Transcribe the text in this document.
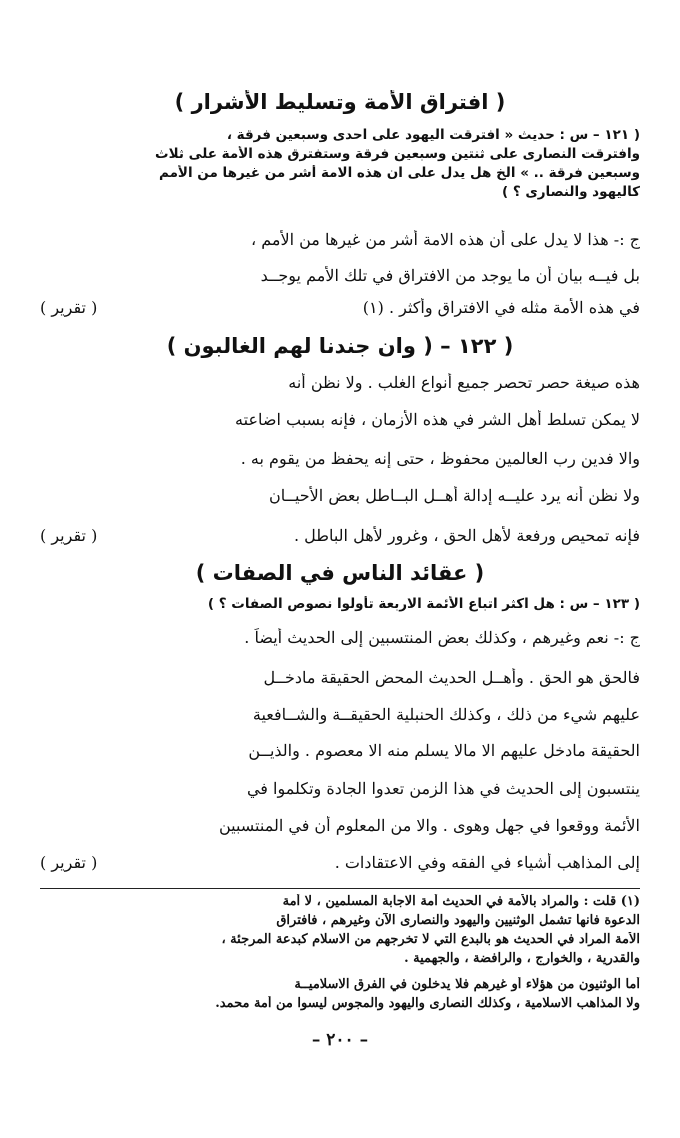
( افتراق الأمة وتسليط الأشرار )
( ١٢١ – س : حديث « افترقت اليهود على احدى وسبعين فرقة ،
وافترقت النصارى على ثنتين وسبعين فرقة وستفترق هذه الأمة على ثلاث
وسبعين فرقة .. » الخ هل يدل على ان هذه الامة أشر من غيرها من الأمم
كاليهود والنصارى ؟ )
ج :- هذا لا يدل على أن هذه الامة أشر من غيرها من الأمم ،
بل فيــه بيان أن ما يوجد من الافتراق في تلك الأمم يوجــد
في هذه الأمة مثله في الافتراق وأكثر . (١)
( تقرير )
( ١٢٢ – ( وان جندنا لهم الغالبون )
هذه صيغة حصر تحصر جميع أنواع الغلب . ولا نظن أنه
لا يمكن تسلط أهل الشر في هذه الأزمان ، فإنه بسبب اضاعته
والا فدين رب العالمين محفوظ ، حتى إنه يحفظ من يقوم به .
ولا نظن أنه يرد عليــه إدالة أهــل البــاطل بعض الأحيــان
فإنه تمحيص ورفعة لأهل الحق ، وغرور لأهل الباطل .
( تقرير )
( عقائد الناس في الصفات )
( ١٢٣ – س : هل اكثر اتباع الأئمة الاربعة تأولوا نصوص الصفات ؟ )
ج :- نعم وغيرهم ، وكذلك بعض المنتسبين إلى الحديث أيضاً .
فالحق هو الحق . وأهــل الحديث المحض الحقيقة مادخــل
عليهم شيء من ذلك ، وكذلك الحنبلية الحقيقــة والشــافعية
الحقيقة مادخل عليهم الا مالا يسلم منه الا معصوم . والذيــن
ينتسبون إلى الحديث في هذا الزمن تعدوا الجادة وتكلموا في
الأئمة ووقعوا في جهل وهوى . والا من المعلوم أن في المنتسبين
إلى المذاهب أشياء في الفقه وفي الاعتقادات .
( تقرير )
(١) قلت : والمراد بالأمة في الحديث أمة الاجابة المسلمين ، لا أمة
الدعوة فانها تشمل الوثنيين واليهود والنصارى الآن وغيرهم ، فافتراق
الأمة المراد في الحديث هو بالبدع التي لا تخرجهم من الاسلام كبدعة المرجئة ،
والقدرية ، والخوارج ، والرافضة ، والجهمية .
أما الوثنيون من هؤلاء أو غيرهم فلا يدخلون في الفرق الاسلاميــة
ولا المذاهب الاسلامية ، وكذلك النصارى واليهود والمجوس ليسوا من أمة محمد.
– ٢٠٠ –
